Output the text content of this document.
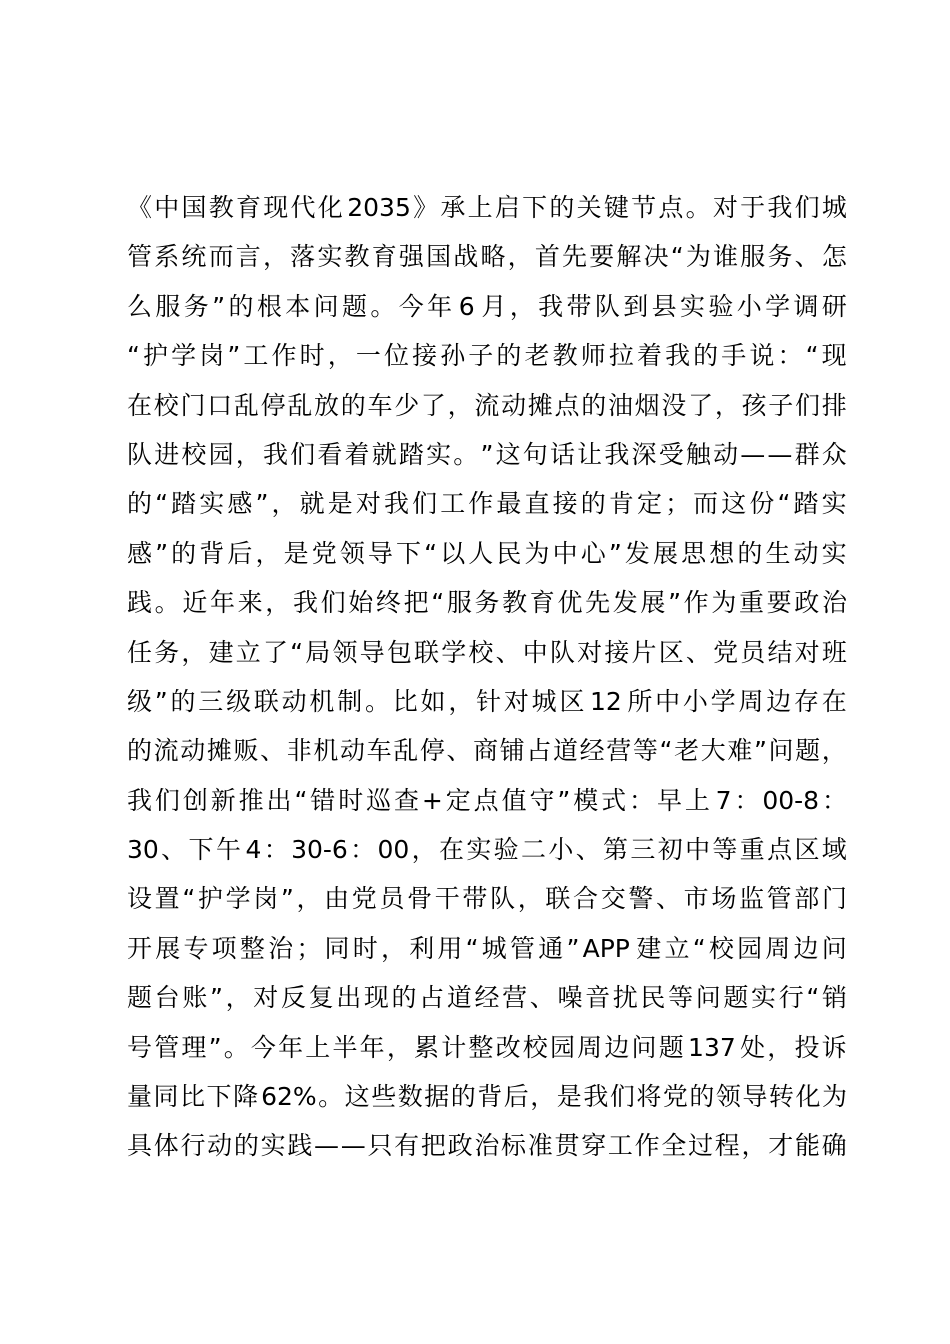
《 中 国 教 育 现 代 化 2035 》 承 上 启 下 的 关 键 节 点 。 对 于 我 们 城
管 系 统 而 言 ， 落 实 教 育 强 国 战 略 ， 首 先 要 解 决 “ 为 谁 服 务 、 怎
么 服 务 ” 的 根 本 问 题 。 今 年 6 月 ， 我 带 队 到 县 实 验 小 学 调 研
“ 护 学 岗 ” 工 作 时 ， 一 位 接 孙 子 的 老 教 师 拉 着 我 的 手 说 ： “ 现
在 校 门 口 乱 停 乱 放 的 车 少 了 ， 流 动 摊 点 的 油 烟 没 了 ， 孩 子 们 排
队 进 校 园 ， 我 们 看 着 就 踏 实 。 ” 这 句 话 让 我 深 受 触 动 — — 群 众
的 “ 踏 实 感 ” ， 就 是 对 我 们 工 作 最 直 接 的 肯 定 ； 而 这 份 “ 踏 实
感 ” 的 背 后 ， 是 党 领 导 下 “ 以 人 民 为 中 心 ” 发 展 思 想 的 生 动 实
践 。 近 年 来 ， 我 们 始 终 把 “ 服 务 教 育 优 先 发 展 ” 作 为 重 要 政 治
任 务 ， 建 立 了 “ 局 领 导 包 联 学 校 、 中 队 对 接 片 区 、 党 员 结 对 班
级 ” 的 三 级 联 动 机 制 。 比 如 ， 针 对 城 区 12 所 中 小 学 周 边 存 在
的 流 动 摊 贩 、 非 机 动 车 乱 停 、 商 铺 占 道 经 营 等 “ 老 大 难 ” 问 题 ，
我 们 创 新 推 出 “ 错 时 巡 查 + 定 点 值 守 ” 模 式 ： 早 上 7 ： 00-8 ：
30 、 下 午 4 ： 30-6 ： 00 ， 在 实 验 二 小 、 第 三 初 中 等 重 点 区 域
设 置 “ 护 学 岗 ” ， 由 党 员 骨 干 带 队 ， 联 合 交 警 、 市 场 监 管 部 门
开 展 专 项 整 治 ； 同 时 ， 利 用 “ 城 管 通 ” APP 建 立 “ 校 园 周 边 问
题 台 账 ” ， 对 反 复 出 现 的 占 道 经 营 、 噪 音 扰 民 等 问 题 实 行 “ 销
号 管 理 ” 。 今 年 上 半 年 ， 累 计 整 改 校 园 周 边 问 题 137 处 ， 投 诉
量 同 比 下 降 62% 。 这 些 数 据 的 背 后 ， 是 我 们 将 党 的 领 导 转 化 为
具 体 行 动 的 实 践 — — 只 有 把 政 治 标 准 贯 穿 工 作 全 过 程 ， 才 能 确
